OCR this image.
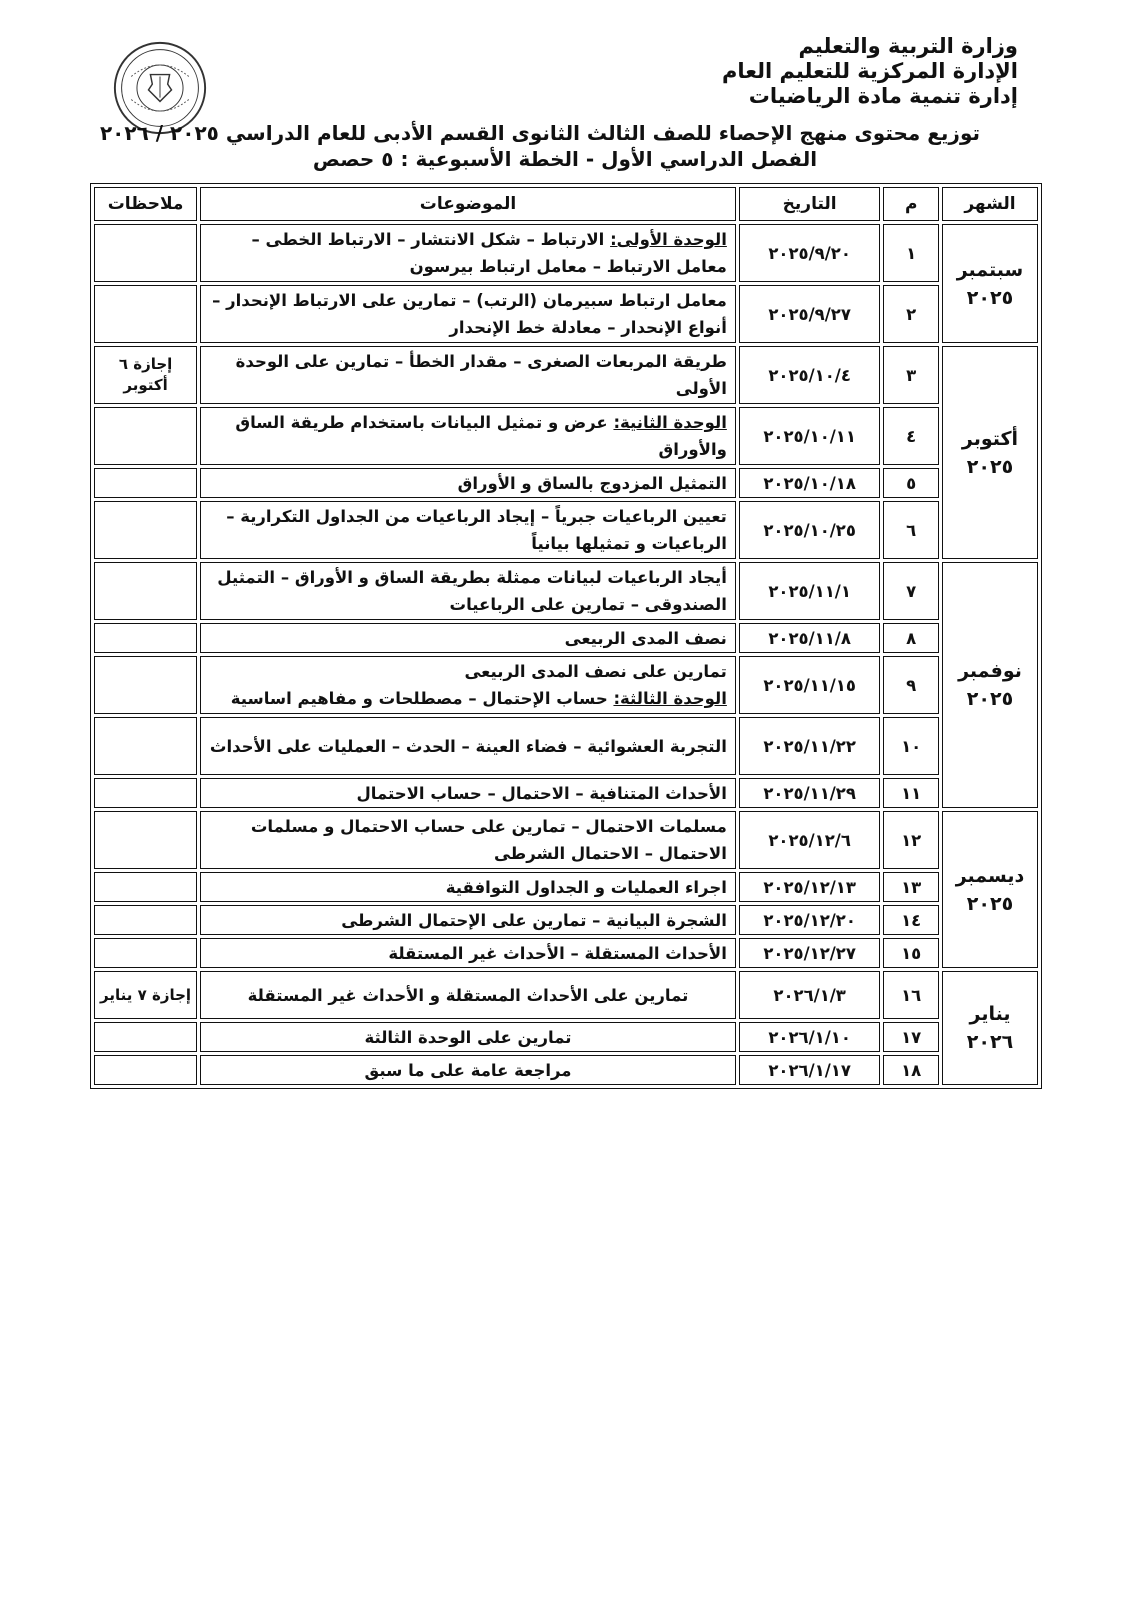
وزارة التربية والتعليم
الإدارة المركزية للتعليم العام
إدارة تنمية مادة الرياضيات
توزيع محتوى منهج الإحصاء للصف الثالث الثانوى القسم الأدبى للعام الدراسي ٢٠٢٥ / ٢٠٢٦
الفصل الدراسي الأول - الخطة الأسبوعية : ٥ حصص
الشهر	م	التاريخ	الموضوعات	ملاحظات

سبتمبر
٢٠٢٥	١	٢٠٢٥/٩/٢٠	الوحدة الأولى: الارتباط – شكل الانتشار – الارتباط الخطى – معامل الارتباط – معامل ارتباط بيرسون	
	٢	٢٠٢٥/٩/٢٧	معامل ارتباط سبيرمان (الرتب) – تمارين على الارتباط الإنحدار – أنواع الإنحدار – معادلة خط الإنحدار	

أكتوبر
٢٠٢٥	٣	٢٠٢٥/١٠/٤	طريقة المربعات الصغرى – مقدار الخطأ – تمارين على الوحدة الأولى	إجازة ٦ أكتوبر
	٤	٢٠٢٥/١٠/١١	الوحدة الثانية: عرض و تمثيل البيانات باستخدام طريقة الساق والأوراق	
	٥	٢٠٢٥/١٠/١٨	التمثيل المزدوج بالساق و الأوراق	
	٦	٢٠٢٥/١٠/٢٥	تعيين الرباعيات جبرياً – إيجاد الرباعيات من الجداول التكرارية – الرباعيات و تمثيلها بيانياً	

نوفمبر
٢٠٢٥	٧	٢٠٢٥/١١/١	أيجاد الرباعيات لبيانات ممثلة بطريقة الساق و الأوراق – التمثيل الصندوقى – تمارين على الرباعيات	
	٨	٢٠٢٥/١١/٨	نصف المدى الربيعى	
	٩	٢٠٢٥/١١/١٥	تمارين على نصف المدى الربيعى
الوحدة الثالثة: حساب الإحتمال – مصطلحات و مفاهيم اساسية	

	١٠	٢٠٢٥/١١/٢٢	التجربة العشوائية – فضاء العينة – الحدث – العمليات على الأحداث	
	١١	٢٠٢٥/١١/٢٩	الأحداث المتنافية – الاحتمال – حساب الاحتمال	

ديسمبر
٢٠٢٥	١٢	٢٠٢٥/١٢/٦	مسلمات الاحتمال – تمارين على حساب الاحتمال و مسلمات الاحتمال – الاحتمال الشرطى	
	١٣	٢٠٢٥/١٢/١٣	اجراء العمليات و الجداول التوافقية	
	١٤	٢٠٢٥/١٢/٢٠	الشجرة البيانية – تمارين على الإحتمال الشرطى	
	١٥	٢٠٢٥/١٢/٢٧	الأحداث المستقلة – الأحداث غير المستقلة	

يناير
٢٠٢٦	١٦	٢٠٢٦/١/٣	تمارين على الأحداث المستقلة و الأحداث غير المستقلة	إجازة ٧ يناير
	١٧	٢٠٢٦/١/١٠	تمارين على الوحدة الثالثة	
	١٨	٢٠٢٦/١/١٧	مراجعة عامة على ما سبق	
